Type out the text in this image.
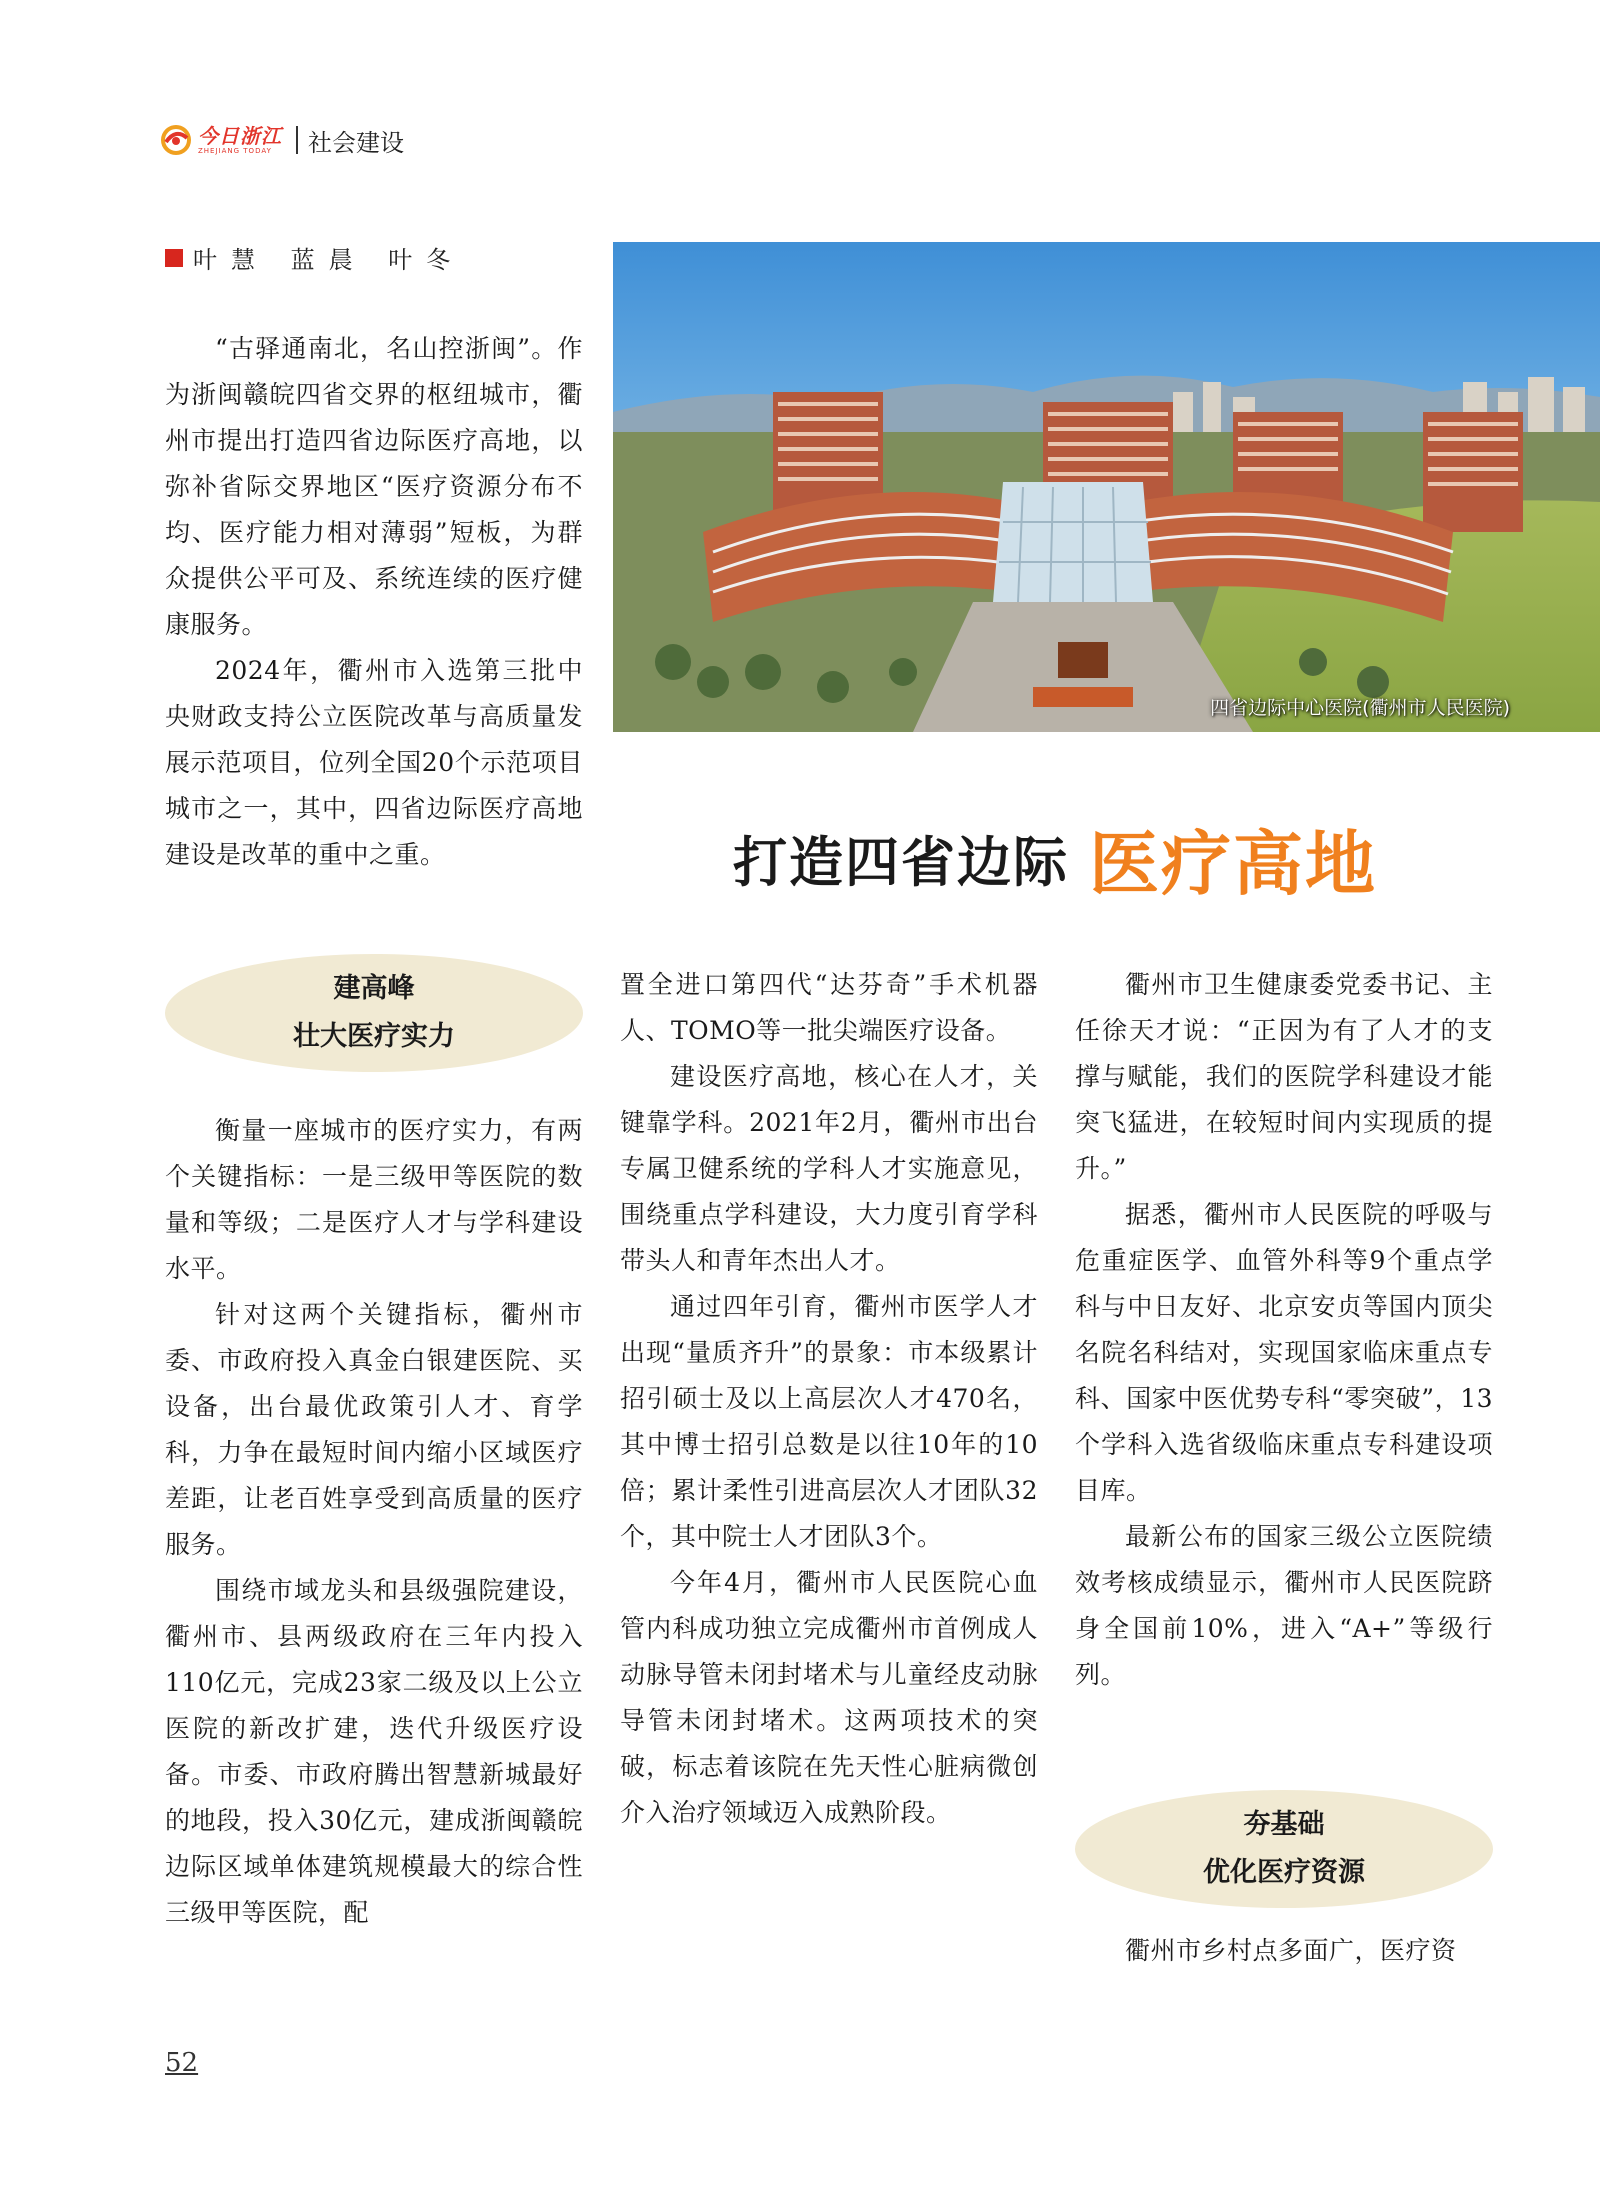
今日浙江
ZHEJIANG TODAY	社会建设
叶慧 蓝晨 叶冬
四省边际中心医院(衢州市人民医院)
打造四省边际 医疗高地

“古驿通南北，名山控浙闽”。作为浙闽赣皖四省交界的枢纽城市，衢州市提出打造四省边际医疗高地，以弥补省际交界地区“医疗资源分布不均、医疗能力相对薄弱”短板，为群众提供公平可及、系统连续的医疗健康服务。

2024年，衢州市入选第三批中央财政支持公立医院改革与高质量发展示范项目，位列全国20个示范项目城市之一，其中，四省边际医疗高地建设是改革的重中之重。

建高峰
壮大医疗实力

衡量一座城市的医疗实力，有两个关键指标：一是三级甲等医院的数量和等级；二是医疗人才与学科建设水平。

针对这两个关键指标，衢州市委、市政府投入真金白银建医院、买设备，出台最优政策引人才、育学科，力争在最短时间内缩小区域医疗差距，让老百姓享受到高质量的医疗服务。

围绕市域龙头和县级强院建设，衢州市、县两级政府在三年内投入110亿元，完成23家二级及以上公立医院的新改扩建，迭代升级医疗设备。市委、市政府腾出智慧新城最好的地段，投入30亿元，建成浙闽赣皖边际区域单体建筑规模最大的综合性三级甲等医院，配

置全进口第四代“达芬奇”手术机器人、TOMO等一批尖端医疗设备。

建设医疗高地，核心在人才，关键靠学科。2021年2月，衢州市出台专属卫健系统的学科人才实施意见，围绕重点学科建设，大力度引育学科带头人和青年杰出人才。

通过四年引育，衢州市医学人才出现“量质齐升”的景象：市本级累计招引硕士及以上高层次人才470名，其中博士招引总数是以往10年的10倍；累计柔性引进高层次人才团队32个，其中院士人才团队3个。

今年4月，衢州市人民医院心血管内科成功独立完成衢州市首例成人动脉导管未闭封堵术与儿童经皮动脉导管未闭封堵术。这两项技术的突破，标志着该院在先天性心脏病微创介入治疗领域迈入成熟阶段。

衢州市卫生健康委党委书记、主任徐天才说：“正因为有了人才的支撑与赋能，我们的医院学科建设才能突飞猛进，在较短时间内实现质的提升。”

据悉，衢州市人民医院的呼吸与危重症医学、血管外科等9个重点学科与中日友好、北京安贞等国内顶尖名院名科结对，实现国家临床重点专科、国家中医优势专科“零突破”，13个学科入选省级临床重点专科建设项目库。

最新公布的国家三级公立医院绩效考核成绩显示，衢州市人民医院跻身全国前10%，进入“A+”等级行列。

夯基础
优化医疗资源

衢州市乡村点多面广，医疗资

52
